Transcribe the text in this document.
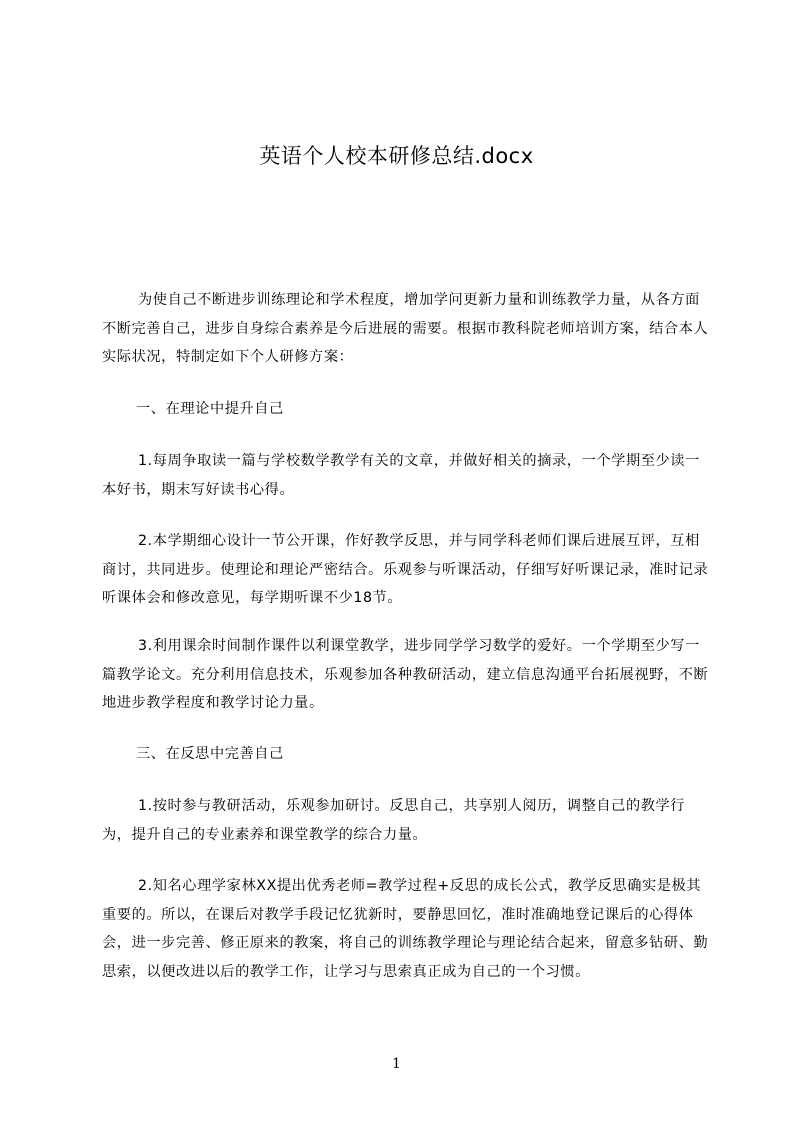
英语个人校本研修总结.docx

为使自己不断进步训练理论和学术程度，增加学问更新力量和训练教学力量，从各方面不断完善自己，进步自身综合素养是今后进展的需要。根据市教科院老师培训方案，结合本人实际状况，特制定如下个人研修方案：

一、在理论中提升自己

1.每周争取读一篇与学校数学教学有关的文章，并做好相关的摘录，一个学期至少读一本好书，期末写好读书心得。

2.本学期细心设计一节公开课，作好教学反思，并与同学科老师们课后进展互评，互相商讨，共同进步。使理论和理论严密结合。乐观参与听课活动，仔细写好听课记录，准时记录听课体会和修改意见，每学期听课不少18节。

3.利用课余时间制作课件以利课堂教学，进步同学学习数学的爱好。一个学期至少写一篇教学论文。充分利用信息技术，乐观参加各种教研活动，建立信息沟通平台拓展视野，不断地进步教学程度和教学讨论力量。

三、在反思中完善自己

1.按时参与教研活动，乐观参加研讨。反思自己，共享别人阅历，调整自己的教学行为，提升自己的专业素养和课堂教学的综合力量。

2.知名心理学家林XX提出优秀老师=教学过程+反思的成长公式，教学反思确实是极其重要的。所以，在课后对教学手段记忆犹新时，要静思回忆，准时准确地登记课后的心得体会，进一步完善、修正原来的教案，将自己的训练教学理论与理论结合起来，留意多钻研、勤思索，以便改进以后的教学工作，让学习与思索真正成为自己的一个习惯。

1
